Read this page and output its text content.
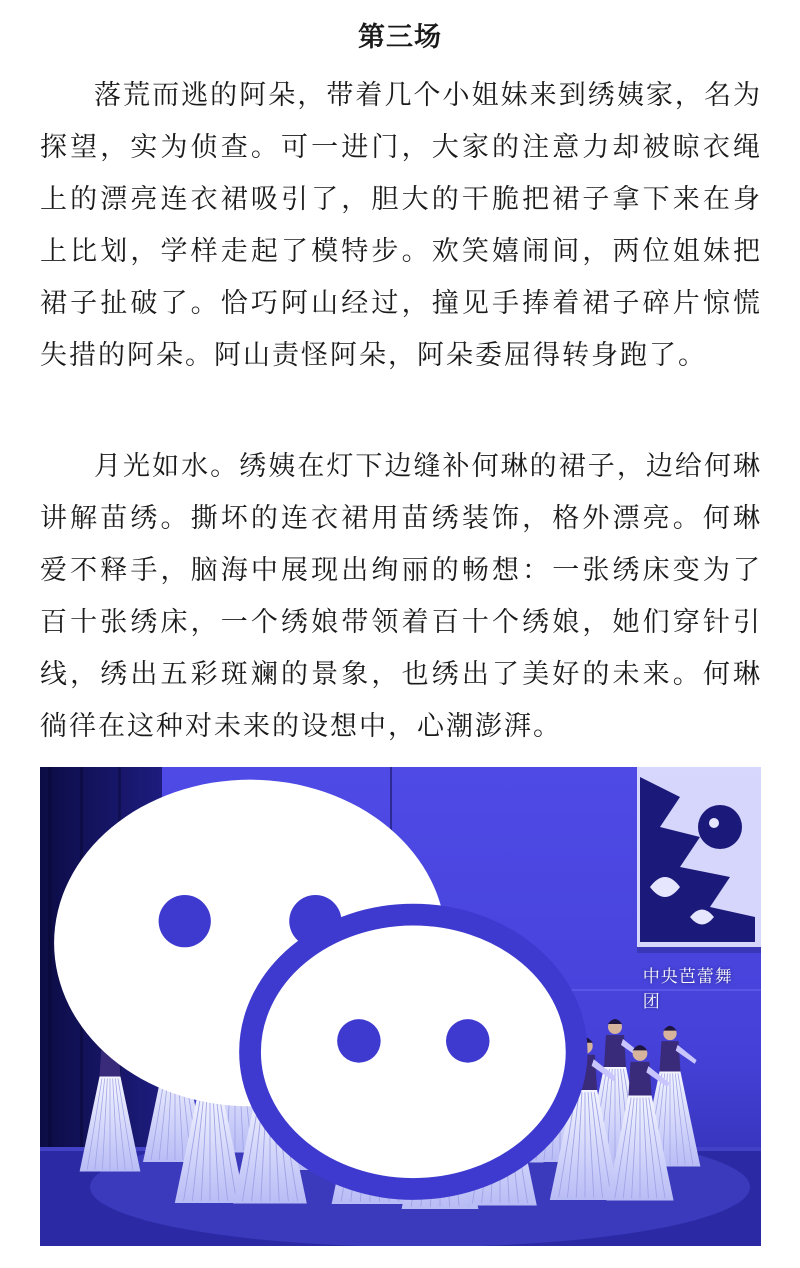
第三场

落荒而逃的阿朵，带着几个小姐妹来到绣姨家，名为探望，实为侦查。可一进门，大家的注意力却被晾衣绳上的漂亮连衣裙吸引了，胆大的干脆把裙子拿下来在身上比划，学样走起了模特步。欢笑嬉闹间，两位姐妹把裙子扯破了。恰巧阿山经过，撞见手捧着裙子碎片惊慌失措的阿朵。阿山责怪阿朵，阿朵委屈得转身跑了。

月光如水。绣姨在灯下边缝补何琳的裙子，边给何琳讲解苗绣。撕坏的连衣裙用苗绣装饰，格外漂亮。何琳爱不释手，脑海中展现出绚丽的畅想：一张绣床变为了百十张绣床，一个绣娘带领着百十个绣娘，她们穿针引线，绣出五彩斑斓的景象，也绣出了美好的未来。何琳徜徉在这种对未来的设想中，心潮澎湃。

中央芭蕾舞团
